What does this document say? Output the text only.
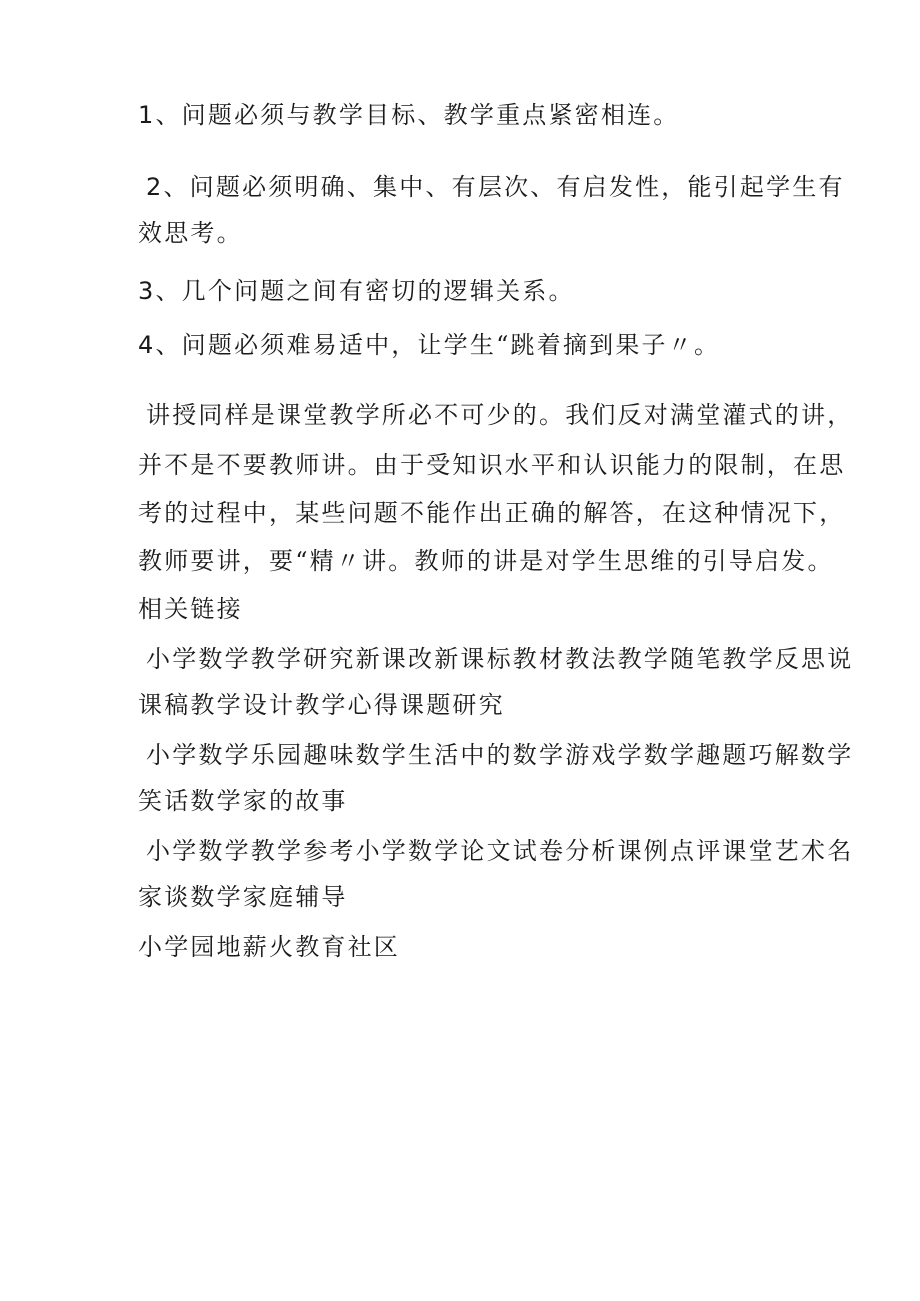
1、问题必须与教学目标、教学重点紧密相连。

2、问题必须明确、集中、有层次、有启发性，能引起学生有

效思考。

3、几个问题之间有密切的逻辑关系。

4、问题必须难易适中，让学生“跳着摘到果子〃。

讲授同样是课堂教学所必不可少的。我们反对满堂灌式的讲，

并不是不要教师讲。由于受知识水平和认识能力的限制，在思

考的过程中，某些问题不能作出正确的解答，在这种情况下，

教师要讲，要“精〃讲。教师的讲是对学生思维的引导启发。

相关链接

小学数学教学研究新课改新课标教材教法教学随笔教学反思说

课稿教学设计教学心得课题研究

小学数学乐园趣味数学生活中的数学游戏学数学趣题巧解数学

笑话数学家的故事

小学数学教学参考小学数学论文试卷分析课例点评课堂艺术名

家谈数学家庭辅导

小学园地薪火教育社区
